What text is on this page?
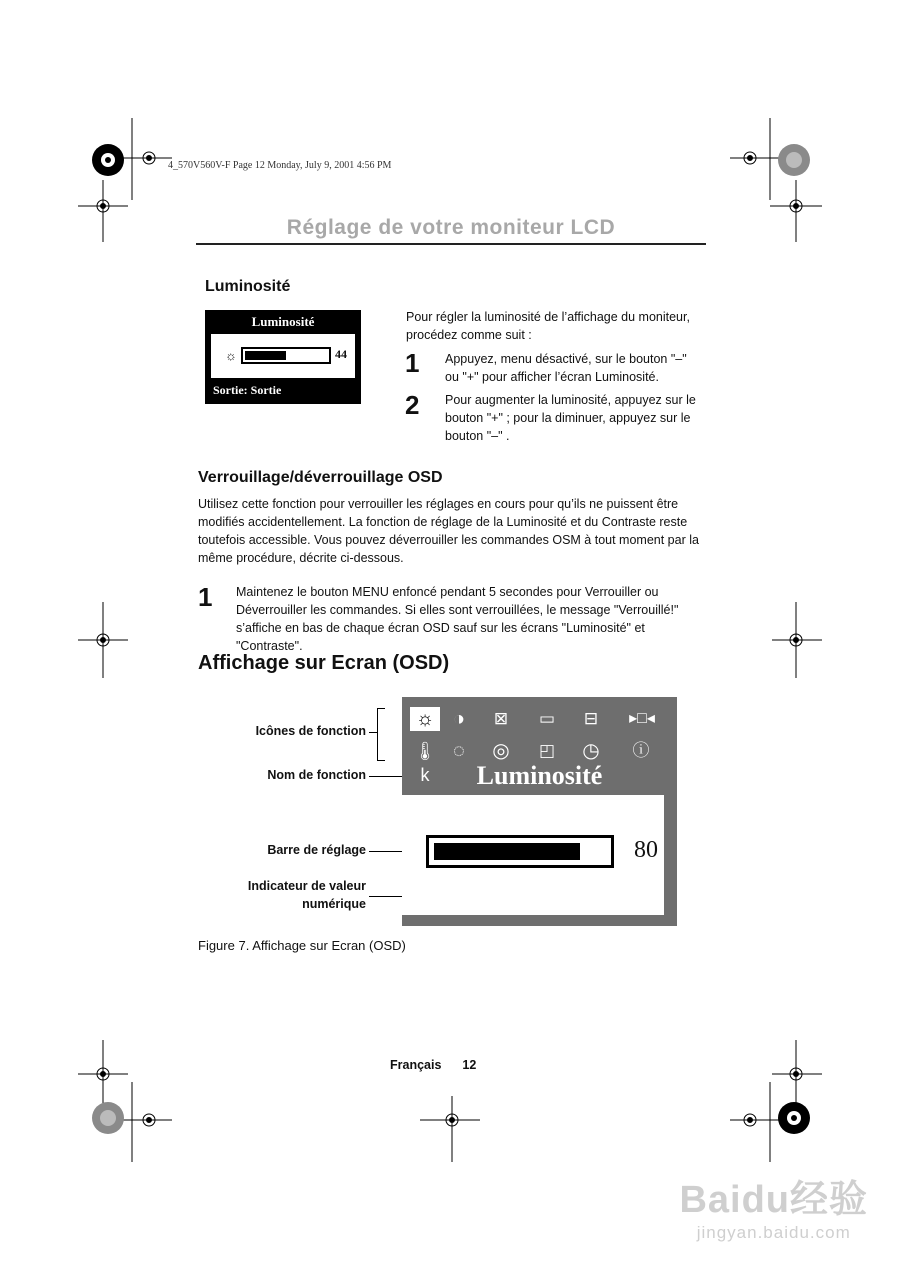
4_570V560V-F Page 12 Monday, July 9, 2001 4:56 PM
Réglage de votre moniteur LCD
Luminosité
Luminosité
☼	44
Sortie: Sortie
Pour régler la luminosité de l’affichage du moniteur, procédez comme suit :
1 Appuyez, menu désactivé, sur le bouton "–" ou "+" pour afficher l’écran Luminosité.
2 Pour augmenter la luminosité, appuyez sur le bouton "+" ; pour la diminuer, appuyez sur le bouton "–" .
Verrouillage/déverrouillage OSD
Utilisez cette fonction pour verrouiller les réglages en cours pour qu’ils ne puissent être modifiés accidentellement. La fonction de réglage de la Luminosité et du Contraste reste toutefois accessible. Vous pouvez déverrouiller les commandes OSM à tout moment par la même procédure, décrite ci-dessous.
1 Maintenez le bouton MENU enfoncé pendant 5 secondes pour Verrouiller ou Déverrouiller les commandes. Si elles sont verrouillées, le message "Verrouillé!" s’affiche en bas de chaque écran OSD sauf sur les écrans "Luminosité" et "Contraste".
Affichage sur Ecran (OSD)
Icônes de fonction
Nom de fonction
Barre de réglage
Indicateur de valeur
numérique
☼ ◑	⊠	▭	⊟	▸□◂
🌡k
◌	◎	◰	◷	ⓘ
Luminosité
80
Figure 7. Affichage sur Ecran (OSD)
Français 12
Baidu经验
jingyan.baidu.com
